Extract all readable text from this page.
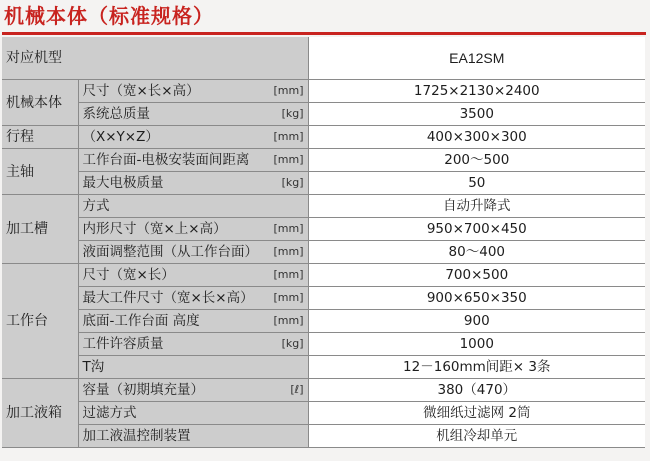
机械本体（标准规格）
对应机型			EA12SM
机械本体	尺寸（宽×长×高）	[mm]	1725×2130×2400
	系统总质量	[kg]	3500
行程	（X×Y×Z）	[mm]	400×300×300
主轴	工作台面-电极安装面间距离	[mm]	200～500
	最大电极质量	[kg]	50
加工槽	方式		自动升降式
	内形尺寸（宽×上×高）	[mm]	950×700×450
	液面调整范围（从工作台面）	[mm]	80～400
工作台	尺寸（宽×长）	[mm]	700×500
	最大工件尺寸（宽×长×高）	[mm]	900×650×350
	底面-工作台面 高度	[mm]	900
	工件许容质量	[kg]	1000
	T沟		12－160mm间距× 3条
加工液箱	容量（初期填充量）	[ℓ]	380（470）
	过滤方式		微细纸过滤网 2筒
	加工液温控制装置		机组冷却单元
